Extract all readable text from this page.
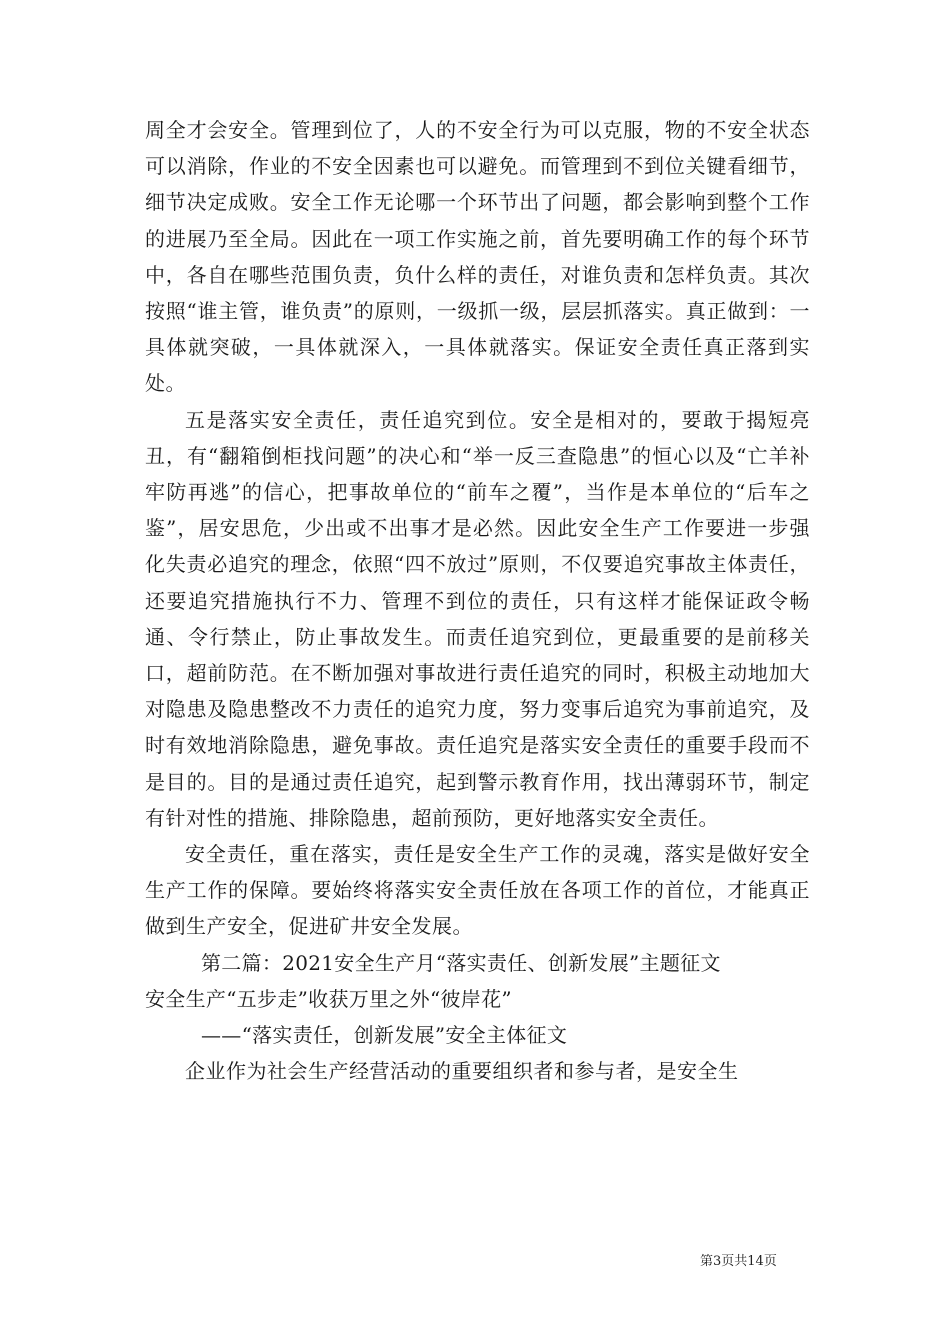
周全才会安全。管理到位了，人的不安全行为可以克服，物的不安全状态可以消除，作业的不安全因素也可以避免。而管理到不到位关键看细节，细节决定成败。安全工作无论哪一个环节出了问题，都会影响到整个工作的进展乃至全局。因此在一项工作实施之前，首先要明确工作的每个环节中，各自在哪些范围负责，负什么样的责任，对谁负责和怎样负责。其次按照“谁主管，谁负责”的原则，一级抓一级，层层抓落实。真正做到：一具体就突破，一具体就深入，一具体就落实。保证安全责任真正落到实处。

五是落实安全责任，责任追究到位。安全是相对的，要敢于揭短亮丑，有“翻箱倒柜找问题”的决心和“举一反三查隐患”的恒心以及“亡羊补牢防再逃”的信心，把事故单位的“前车之覆”，当作是本单位的“后车之鉴”，居安思危，少出或不出事才是必然。因此安全生产工作要进一步强化失责必追究的理念，依照“四不放过”原则，不仅要追究事故主体责任，还要追究措施执行不力、管理不到位的责任，只有这样才能保证政令畅通、令行禁止，防止事故发生。而责任追究到位，更最重要的是前移关口，超前防范。在不断加强对事故进行责任追究的同时，积极主动地加大对隐患及隐患整改不力责任的追究力度，努力变事后追究为事前追究，及时有效地消除隐患，避免事故。责任追究是落实安全责任的重要手段而不是目的。目的是通过责任追究，起到警示教育作用，找出薄弱环节，制定有针对性的措施、排除隐患，超前预防，更好地落实安全责任。

安全责任，重在落实，责任是安全生产工作的灵魂，落实是做好安全生产工作的保障。要始终将落实安全责任放在各项工作的首位，才能真正做到生产安全，促进矿井安全发展。

第二篇：2021安全生产月“落实责任、创新发展”主题征文

安全生产“五步走”收获万里之外“彼岸花”

——“落实责任，创新发展”安全主体征文

企业作为社会生产经营活动的重要组织者和参与者，是安全生

第3页共14页
